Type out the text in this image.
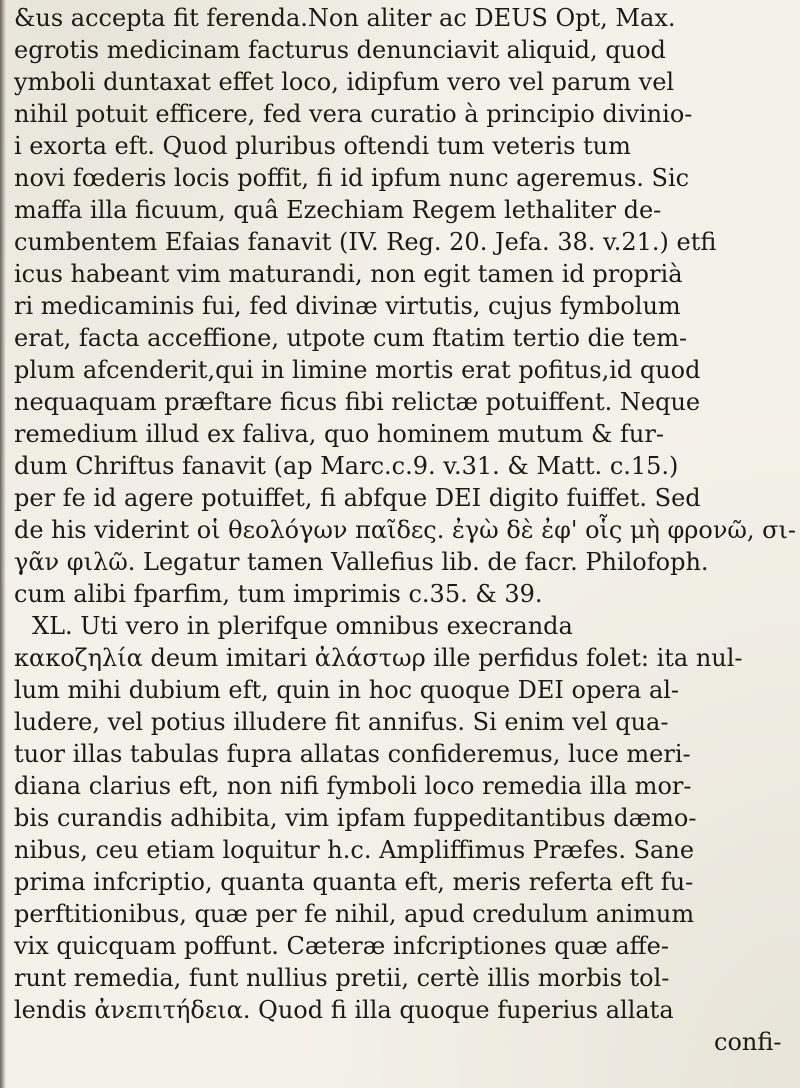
&us accepta fit ferenda.Non aliter ac DEUS Opt, Max.
egrotis medicinam facturus denunciavit aliquid, quod
ymboli duntaxat effet loco, idipfum vero vel parum vel
nihil potuit efficere, fed vera curatio à principio divinio-
i exorta eft. Quod pluribus oftendi tum veteris tum
novi fœderis locis poffit, fi id ipfum nunc ageremus. Sic
maffa illa ficuum, quâ Ezechiam Regem lethaliter de-
cumbentem Efaias fanavit (IV. Reg. 20. Jefa. 38. v.21.) etfi
icus habeant vim maturandi, non egit tamen id proprià
ri medicaminis fui, fed divinæ virtutis, cujus fymbolum
erat, facta acceffione, utpote cum ftatim tertio die tem-
plum afcenderit,qui in limine mortis erat pofitus,id quod
nequaquam præftare ficus fibi relictæ potuiffent. Neque
remedium illud ex faliva, quo hominem mutum & fur-
dum Chriftus fanavit (ap Marc.c.9. v.31. & Matt. c.15.)
per fe id agere potuiffet, fi abfque DEI digito fuiffet. Sed
de his viderint οἱ θεολόγων παῖδες. ἐγὼ δὲ ἐφ' οἷς μὴ φρονῶ, σι-
γᾶν φιλῶ. Legatur tamen Vallefius lib. de facr. Philofoph.
cum alibi fparfim, tum imprimis c.35. & 39.
XL. Uti vero in plerifque omnibus execranda
κακοζηλία deum imitari ἀλάστωρ ille perfidus folet: ita nul-
lum mihi dubium eft, quin in hoc quoque DEI opera al-
ludere, vel potius illudere fit annifus. Si enim vel qua-
tuor illas tabulas fupra allatas confideremus, luce meri-
diana clarius eft, non nifi fymboli loco remedia illa mor-
bis curandis adhibita, vim ipfam fuppeditantibus dæmo-
nibus, ceu etiam loquitur h.c. Ampliffimus Præfes. Sane
prima infcriptio, quanta quanta eft, meris referta eft fu-
perftitionibus, quæ per fe nihil, apud credulum animum
vix quicquam poffunt. Cæteræ infcriptiones quæ affe-
runt remedia, funt nullius pretii, certè illis morbis tol-
lendis ἀνεπιτήδεια. Quod fi illa quoque fuperius allata
confi-
